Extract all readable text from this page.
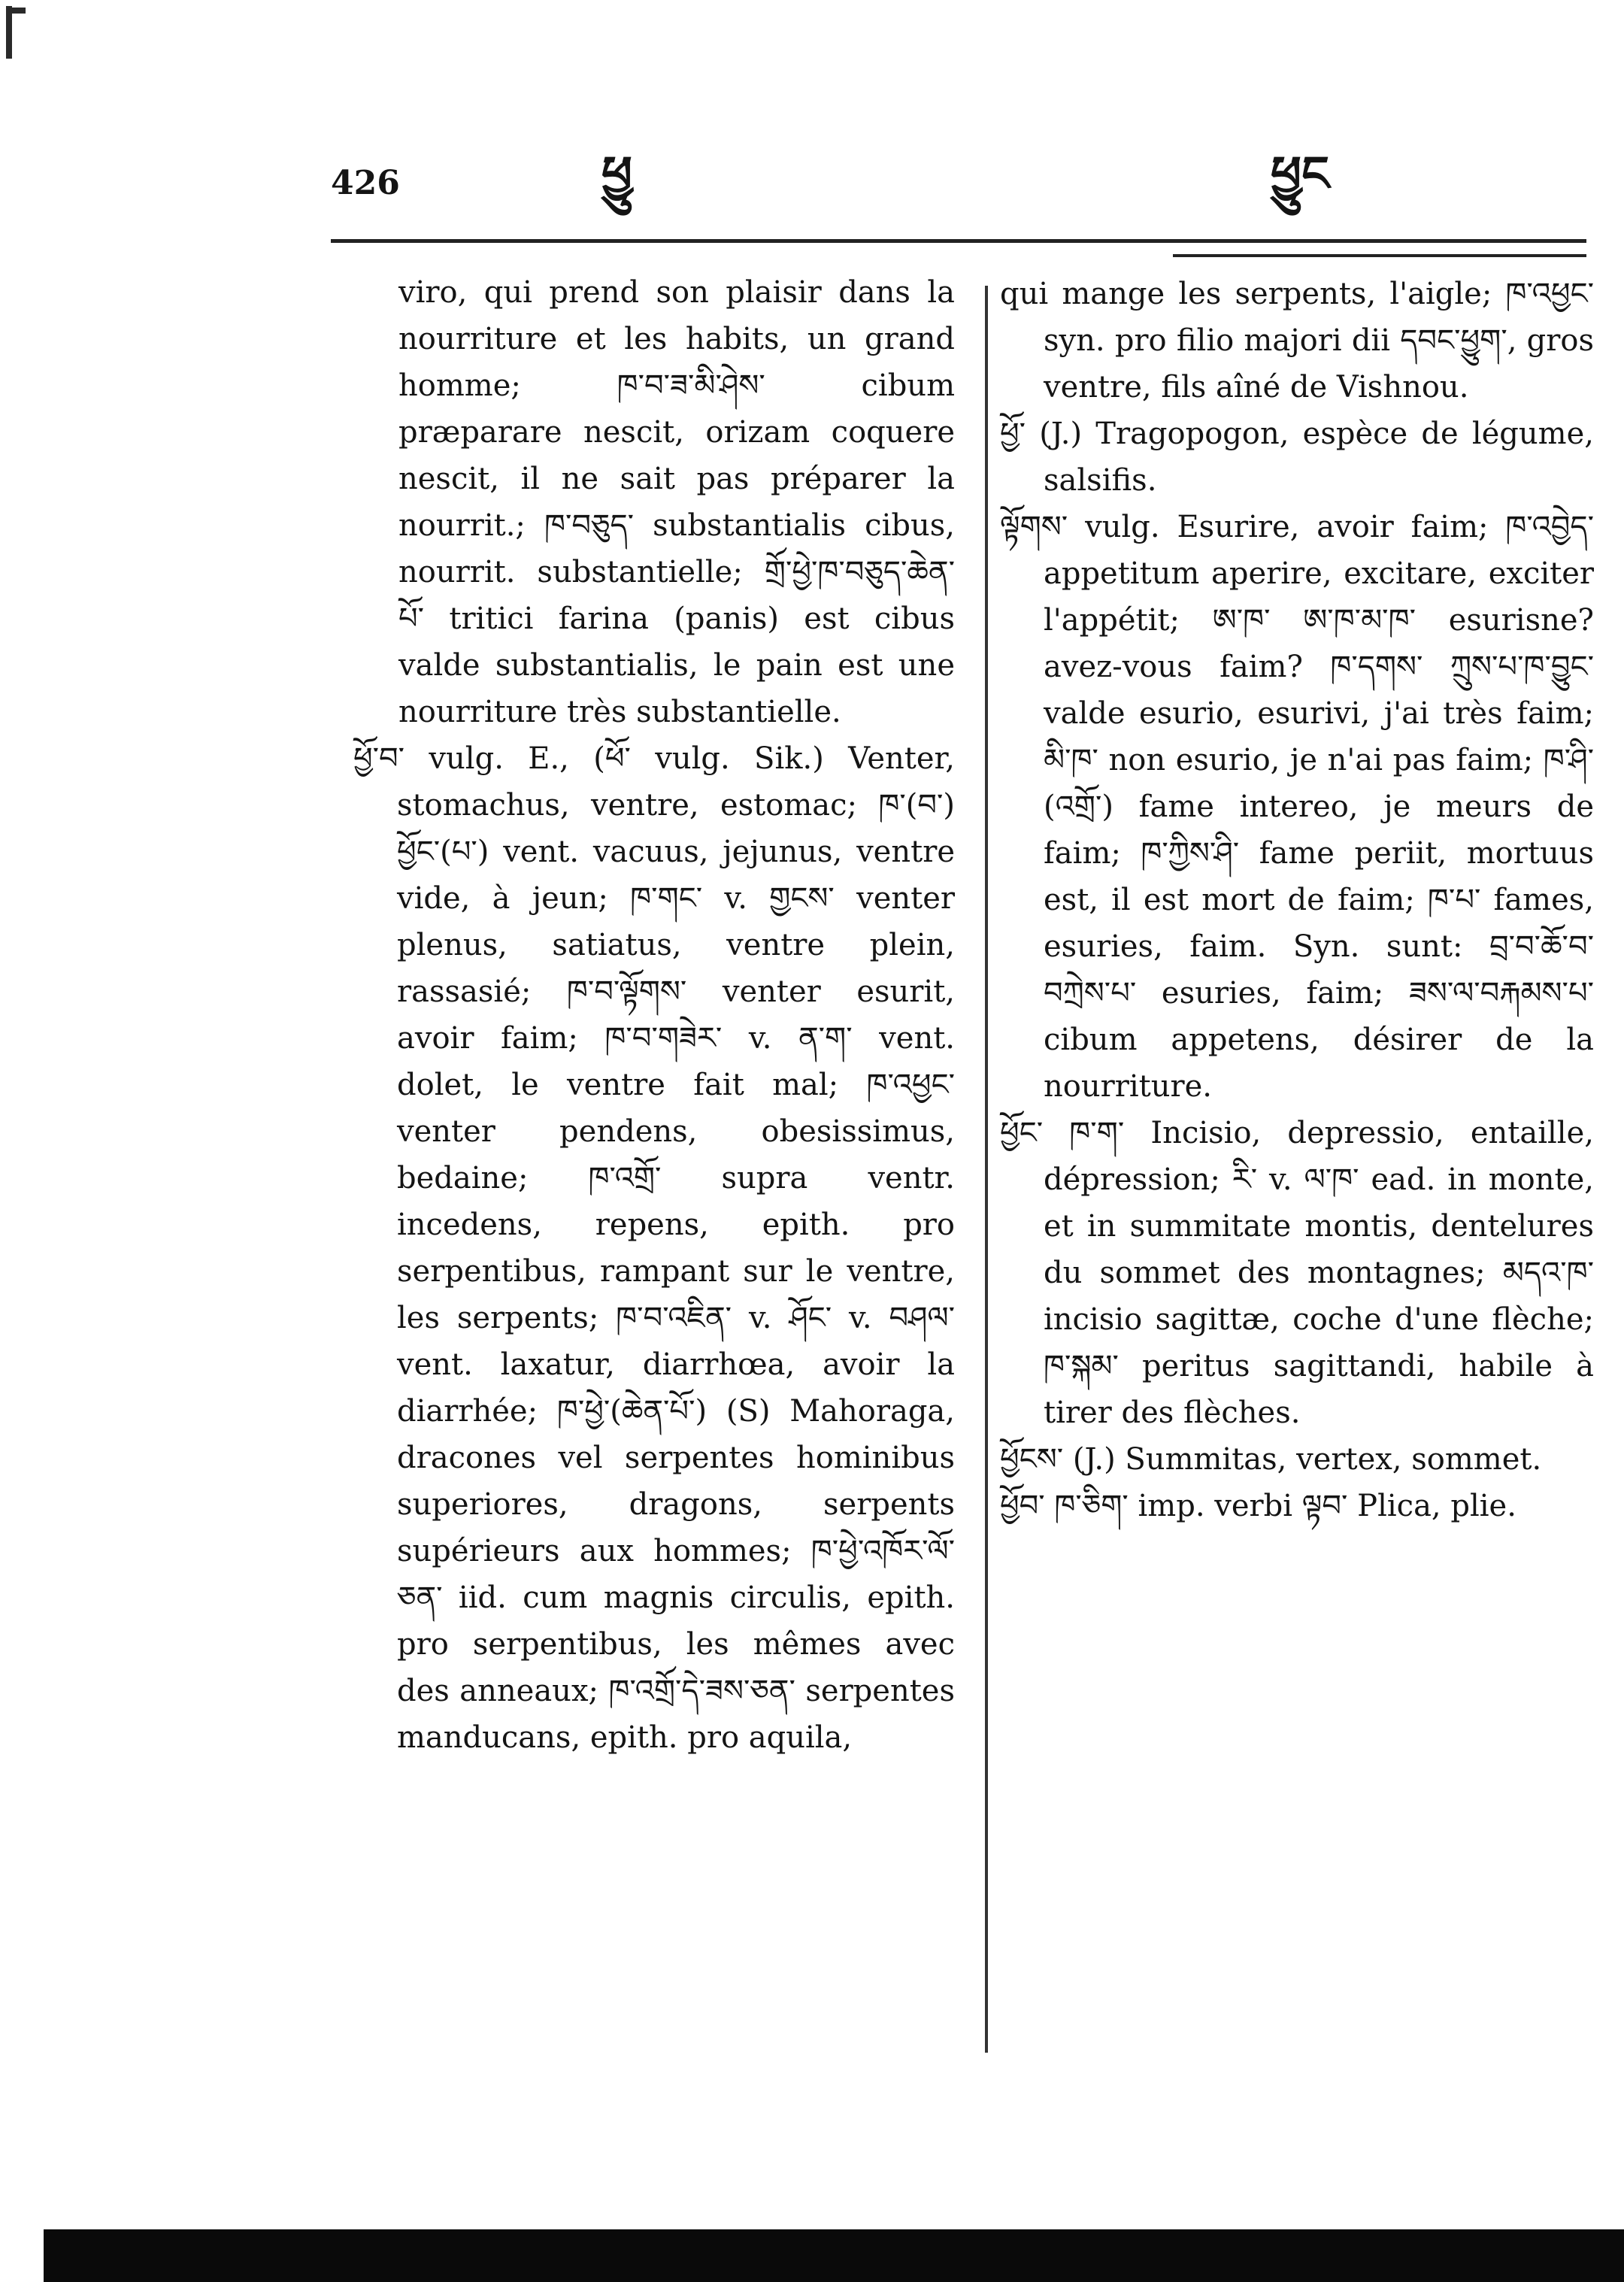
426	ཕྱུ	ཕྱུང

viro, qui prend son plaisir dans la nourriture et les habits, un grand homme; ཁ་བ་ཟ་མི་ཤེས་ cibum præparare nescit, orizam coquere nescit, il ne sait pas préparer la nourrit.; ཁ་བཅུད་ substantialis cibus, nourrit. substantielle; གྲོ་ཕྱེ་ཁ་བཅུད་ཆེན་པོ་ tritici farina (panis) est cibus valde substantialis, le pain est une nourriture très substantielle.

ཕྱོ་བ་ vulg. E., (ཕོ་ vulg. Sik.) Venter, stomachus, ventre, estomac; ཁ་(བ་) ཕྱོང་(པ་) vent. vacuus, jejunus, ventre vide, à jeun; ཁ་གང་ v. གྱངས་ venter plenus, satiatus, ventre plein, rassasié; ཁ་བ་ལྟོགས་ venter esurit, avoir faim; ཁ་བ་གཟེར་ v. ན་ག་ vent. dolet, le ventre fait mal; ཁ་འཕྱང་ venter pendens, obesissimus, bedaine; ཁ་འགྲོ་ supra ventr. incedens, repens, epith. pro serpentibus, rampant sur le ventre, les serpents; ཁ་བ་འཇིན་ v. ཤོང་ v. བཤལ་ vent. laxatur, diarrhœa, avoir la diarrhée; ཁ་ཕྱེ་(ཆེན་པོ་) (S) Mahoraga, dracones vel serpentes hominibus superiores, dragons, serpents supérieurs aux hommes; ཁ་ཕྱེ་འཁོར་ལོ་ཅན་ iid. cum magnis circulis, epith. pro serpentibus, les mêmes avec des anneaux; ཁ་འགྲོ་དེ་ཟས་ཅན་ serpentes manducans, epith. pro aquila,

qui mange les serpents, l'aigle; ཁ་འཕྱང་ syn. pro filio majori dii དབང་ཕྱུག་, gros ventre, fils aîné de Vishnou.

ཕྱོ་ (J.) Tragopogon, espèce de légume, salsifis.

ལྟོགས་ vulg. Esurire, avoir faim; ཁ་འབྱེད་ appetitum aperire, excitare, exciter l'appétit; ཨ་ཁ་ ཨ་ཁ་མ་ཁ་ esurisne? avez-vous faim? ཁ་དགས་ ཀྲུས་པ་ཁ་བྱུང་ valde esurio, esurivi, j'ai très faim; མི་ཁ་ non esurio, je n'ai pas faim; ཁ་ཤི་(འགྲོ་) fame intereo, je meurs de faim; ཁ་ཀྱིས་ཤི་ fame periit, mortuus est, il est mort de faim; ཁ་པ་ fames, esuries, faim. Syn. sunt: བྲ་བ་ཆོ་བ་ བཀྲེས་པ་ esuries, faim; ཟས་ལ་བརྐམས་པ་ cibum appetens, désirer de la nourriture.

ཕྱོང་ ཁ་ག་ Incisio, depressio, entaille, dépression; རི་ v. ལ་ཁ་ ead. in monte, et in summitate montis, dentelures du sommet des montagnes; མདའ་ཁ་ incisio sagittæ, coche d'une flèche; ཁ་སྐམ་ peritus sagittandi, habile à tirer des flèches.

ཕྱོངས་ (J.) Summitas, vertex, sommet.

ཕྱོབ་ ཁ་ཅིག་ imp. verbi ལྟབ་ Plica, plie.
